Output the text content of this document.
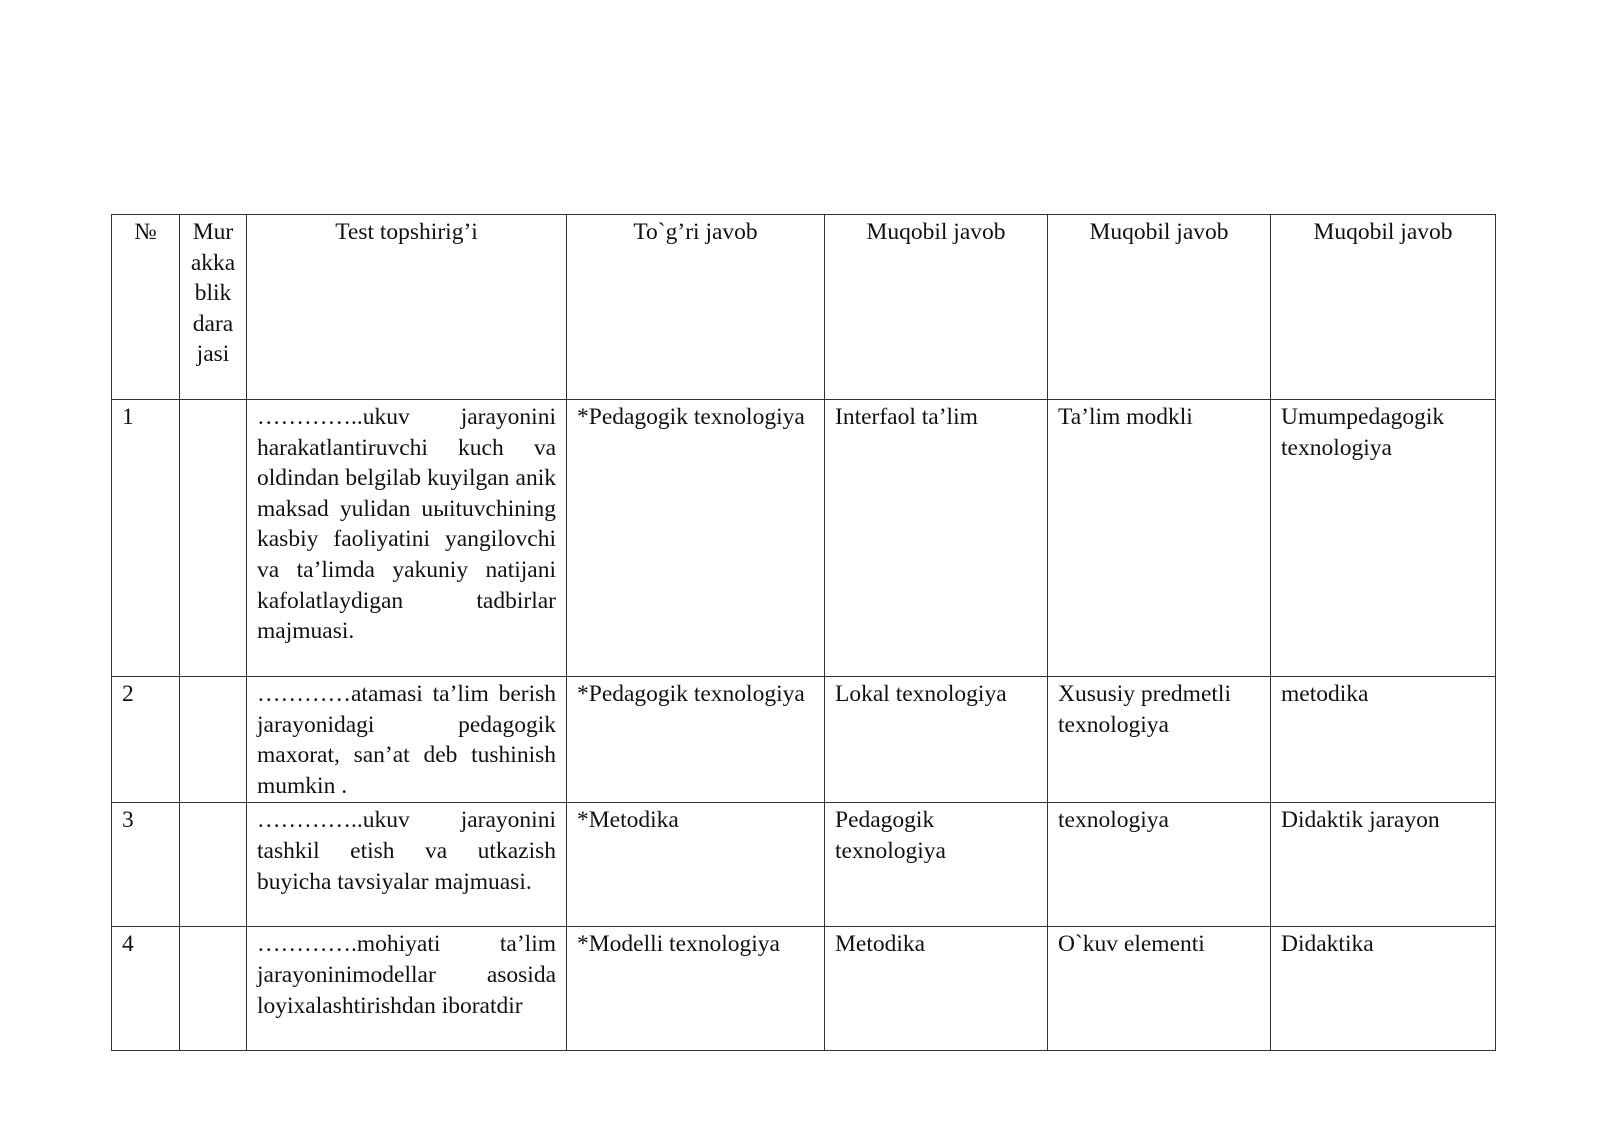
№	Murakkablik darajasi	Test topshirig’i	To`g’ri javob	Muqobil javob	Muqobil javob	Muqobil javob
1		…………..ukuv jarayonini harakatlantiruvchi kuch va oldindan belgilab kuyilgan anik maksad yulidan uыituvchining kasbiy faoliyatini yangilovchi va ta’limda yakuniy natijani kafolatlaydigan tadbirlar majmuasi.	*Pedagogik texnologiya	Interfaol ta’lim	Ta’lim modkli	Umumpedagogik texnologiya
2		…………atamasi ta’lim berish jarayonidagi pedagogik maxorat, san’at deb tushinish mumkin .	*Pedagogik texnologiya	Lokal texnologiya	Xususiy predmetli texnologiya	metodika
3		…………..ukuv jarayonini tashkil etish va utkazish buyicha tavsiyalar majmuasi.	*Metodika	Pedagogik texnologiya	texnologiya	Didaktik jarayon
4		………….mohiyati ta’lim jarayoninimodellar asosida loyixalashtirishdan iboratdir	*Modelli texnologiya	Metodika	O`kuv elementi	Didaktika
